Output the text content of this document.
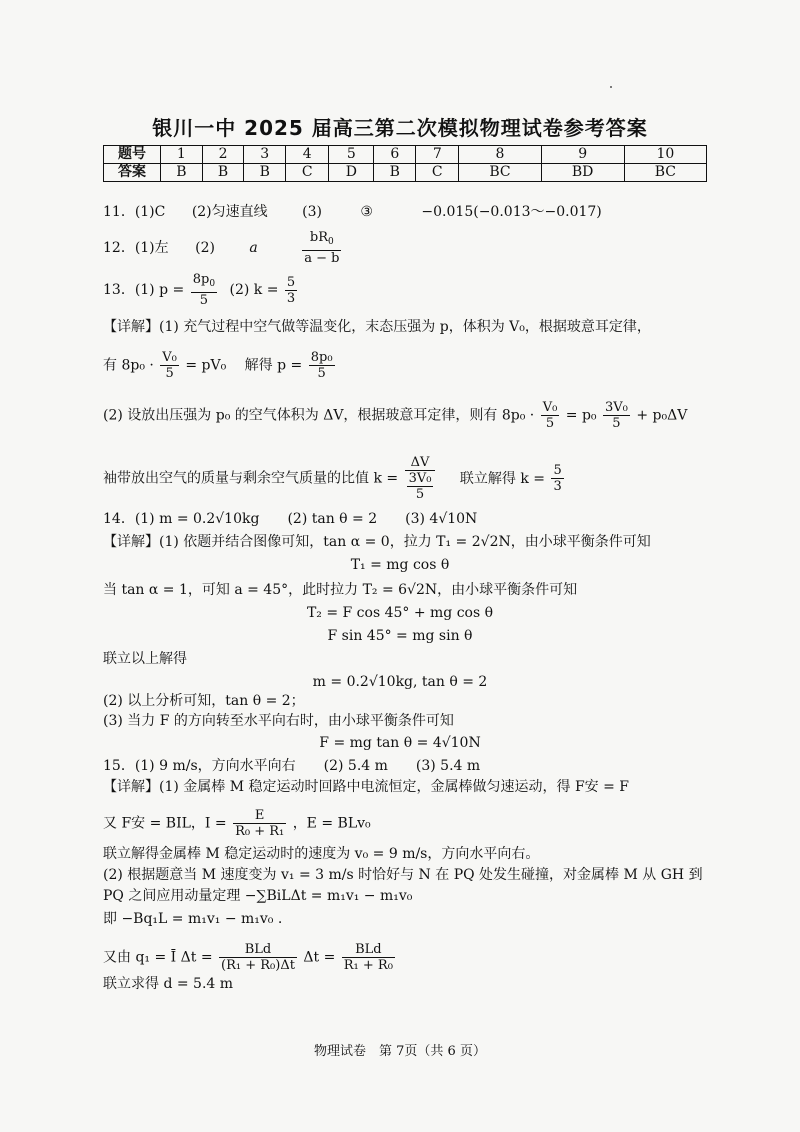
银川一中 2025 届高三第二次模拟物理试卷参考答案
题号	1	2	3	4	5	6	7	8	9	10
答案	B	B	B	C	D	B	C	BC	BD	BC
11．(1)C (2)匀速直线 (3)	③	−0.015(−0.013～−0.017)
12．(1)左 (2) a	$\frac{bR_0}{a - b}$
13．(1) $p = \frac{8p_0}{5} (2) k = \frac{5}{3}$
【详解】(1) 充气过程中空气做等温变化，末态压强为 p，体积为 V₀，根据玻意耳定律，
有 $8p_0 \cdot \frac{\text{V₀}}{5} = pV_0$　 解得 $p = \frac{\text{8p₀}}{5}$
(2) 设放出压强为 p₀ 的空气体积为 ΔV，根据玻意耳定律，则有 $8p_0 \cdot \frac{\text{V₀}}{5} = p_0 \frac{\text{3V₀}}{5} + p_0\Delta V$
袖带放出空气的质量与剩余空气质量的比值 $k = \frac{\Delta V}{\frac{\text{3V₀}}{5}}$ 联立解得 $k = \frac{5}{3}$
14．(1) m = 0.2√10kg　　(2) tan θ = 2　　(3) 4√10N
【详解】(1) 依题并结合图像可知，tan α = 0，拉力 T₁ = 2√2N，由小球平衡条件可知
T₁ = mg cos θ
当 tan α = 1，可知 a = 45°，此时拉力 T₂ = 6√2N，由小球平衡条件可知
T₂ = F cos 45° + mg cos θ
F sin 45° = mg sin θ
联立以上解得
m = 0.2√10kg, tan θ = 2
(2) 以上分析可知，tan θ = 2；
(3) 当力 F 的方向转至水平向右时，由小球平衡条件可知
F = mg tan θ = 4√10N
15．(1) 9 m/s，方向水平向右　　(2) 5.4 m　　(3) 5.4 m
【详解】(1) 金属棒 M 稳定运动时回路中电流恒定，金属棒做匀速运动，得 F安 = F
又 F安 = BIL，$I = \frac{E}{\text{R₀ + R₁}}$ ，E = BLv₀
联立解得金属棒 M 稳定运动时的速度为 v₀ = 9 m/s，方向水平向右。
(2) 根据题意当 M 速度变为 v₁ = 3 m/s 时恰好与 N 在 PQ 处发生碰撞，对金属棒 M 从 GH 到
PQ 之间应用动量定理 −∑BiLΔt = m₁v₁ − m₁v₀
即 −Bq₁L = m₁v₁ − m₁v₀ .
又由 q₁ = Ī $\Delta t = \frac{\text{BLd}}{\text{(R₁ + R₀)Δt}}$ $\Delta t = \frac{\text{BLd}}{\text{R₁ + R₀}}$
联立求得 d = 5.4 m
物理试卷　第 7页（共 6 页）
